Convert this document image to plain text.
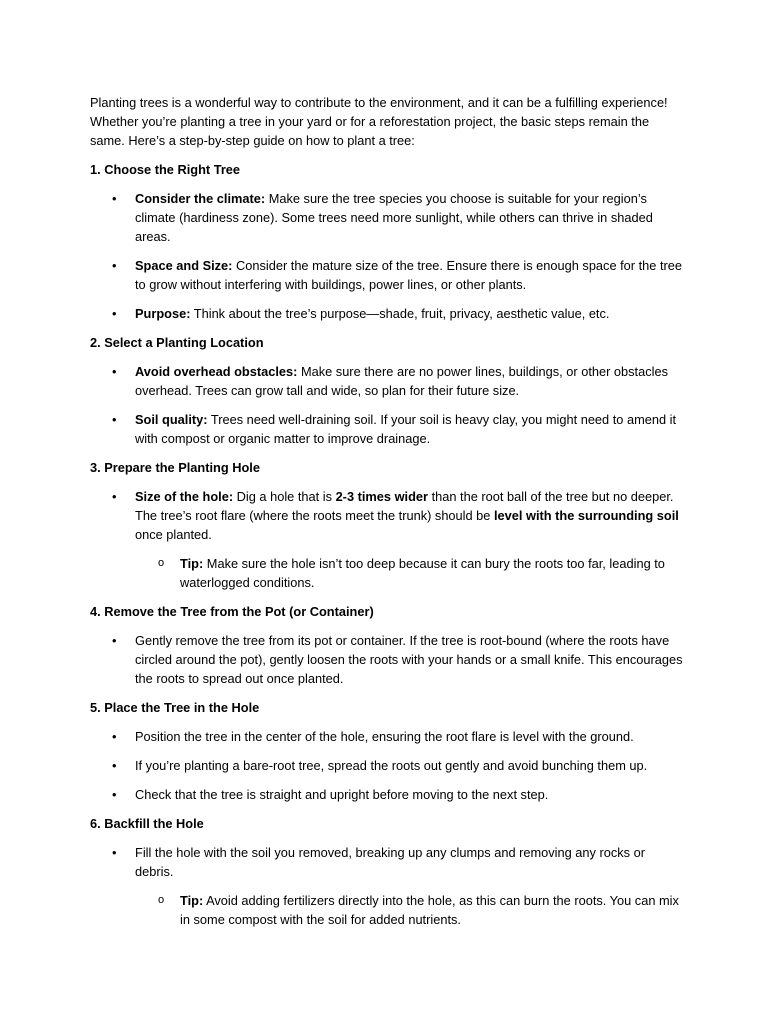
Planting trees is a wonderful way to contribute to the environment, and it can be a fulfilling experience! Whether you’re planting a tree in your yard or for a reforestation project, the basic steps remain the same. Here’s a step-by-step guide on how to plant a tree:

1. Choose the Right Tree

• Consider the climate: Make sure the tree species you choose is suitable for your region’s climate (hardiness zone). Some trees need more sunlight, while others can thrive in shaded areas.
• Space and Size: Consider the mature size of the tree. Ensure there is enough space for the tree to grow without interfering with buildings, power lines, or other plants.
• Purpose: Think about the tree’s purpose—shade, fruit, privacy, aesthetic value, etc.

2. Select a Planting Location

• Avoid overhead obstacles: Make sure there are no power lines, buildings, or other obstacles overhead. Trees can grow tall and wide, so plan for their future size.
• Soil quality: Trees need well-draining soil. If your soil is heavy clay, you might need to amend it with compost or organic matter to improve drainage.

3. Prepare the Planting Hole

• Size of the hole: Dig a hole that is 2-3 times wider than the root ball of the tree but no deeper. The tree’s root flare (where the roots meet the trunk) should be level with the surrounding soil once planted.
o Tip: Make sure the hole isn’t too deep because it can bury the roots too far, leading to waterlogged conditions.

4. Remove the Tree from the Pot (or Container)

• Gently remove the tree from its pot or container. If the tree is root-bound (where the roots have circled around the pot), gently loosen the roots with your hands or a small knife. This encourages the roots to spread out once planted.

5. Place the Tree in the Hole

• Position the tree in the center of the hole, ensuring the root flare is level with the ground.
• If you’re planting a bare-root tree, spread the roots out gently and avoid bunching them up.
• Check that the tree is straight and upright before moving to the next step.

6. Backfill the Hole

• Fill the hole with the soil you removed, breaking up any clumps and removing any rocks or debris.
o Tip: Avoid adding fertilizers directly into the hole, as this can burn the roots. You can mix in some compost with the soil for added nutrients.
